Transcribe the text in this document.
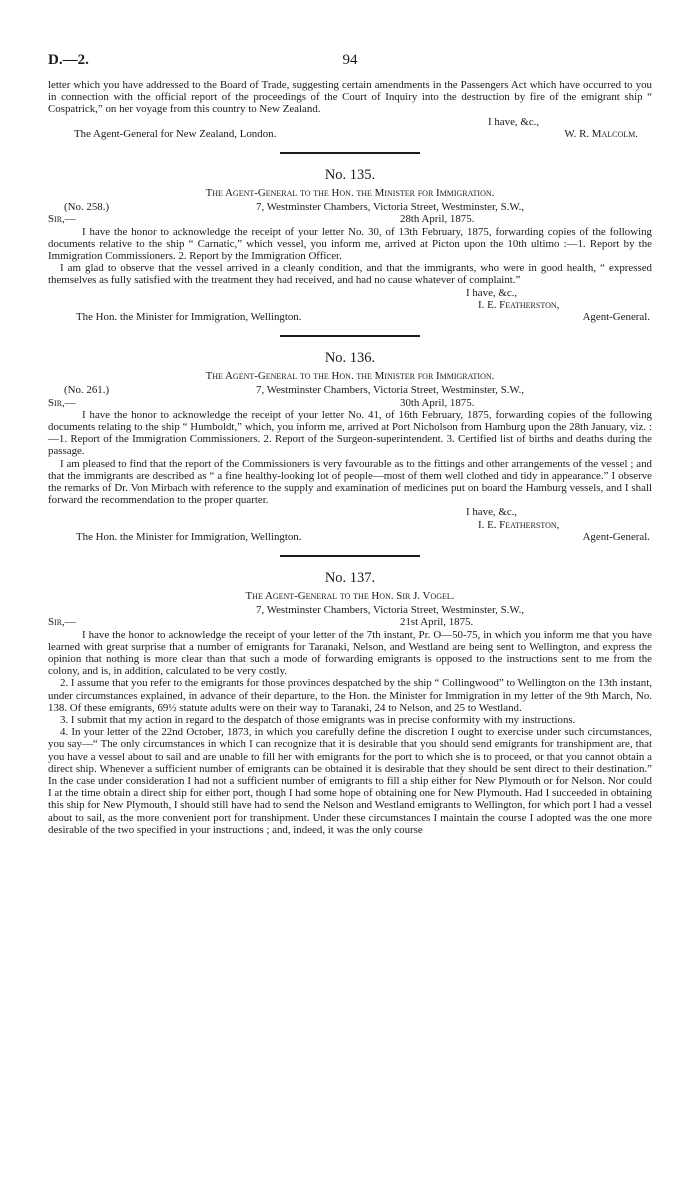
D.—2.	94

letter which you have addressed to the Board of Trade, suggesting certain amendments in the Passengers Act which have occurred to you in connection with the official report of the proceedings of the Court of Inquiry into the destruction by fire of the emigrant ship “ Cospatrick,” on her voyage from this country to New Zealand.

I have, &c.,
The Agent-General for New Zealand, London.	W. R. Malcolm.
No. 135.
The Agent-General to the Hon. the Minister for Immigration.
(No. 258.)	7, Westminster Chambers, Victoria Street, Westminster, S.W.,
Sir,—	28th April, 1875.

I have the honor to acknowledge the receipt of your letter No. 30, of 13th February, 1875, forwarding copies of the following documents relative to the ship “ Carnatic,” which vessel, you inform me, arrived at Picton upon the 10th ultimo :—1. Report by the Immigration Commissioners. 2. Report by the Immigration Officer.

I am glad to observe that the vessel arrived in a cleanly condition, and that the immigrants, who were in good health, “ expressed themselves as fully satisfied with the treatment they had received, and had no cause whatever of complaint.”

I have, &c.,
I. E. Featherston,
The Hon. the Minister for Immigration, Wellington.	Agent-General.
No. 136.
The Agent-General to the Hon. the Minister for Immigration.
(No. 261.)	7, Westminster Chambers, Victoria Street, Westminster, S.W.,
Sir,—	30th April, 1875.

I have the honor to acknowledge the receipt of your letter No. 41, of 16th February, 1875, forwarding copies of the following documents relating to the ship “ Humboldt,” which, you inform me, arrived at Port Nicholson from Hamburg upon the 28th January, viz. :—1. Report of the Immigration Commissioners. 2. Report of the Surgeon-superintendent. 3. Certified list of births and deaths during the passage.

I am pleased to find that the report of the Commissioners is very favourable as to the fittings and other arrangements of the vessel ; and that the immigrants are described as “ a fine healthy-looking lot of people—most of them well clothed and tidy in appearance.” I observe the remarks of Dr. Von Mirbach with reference to the supply and examination of medicines put on board the Hamburg vessels, and I shall forward the recommendation to the proper quarter.

I have, &c.,
I. E. Featherston,
The Hon. the Minister for Immigration, Wellington.	Agent-General.
No. 137.
The Agent-General to the Hon. Sir J. Vogel.
7, Westminster Chambers, Victoria Street, Westminster, S.W.,
Sir,—	21st April, 1875.

I have the honor to acknowledge the receipt of your letter of the 7th instant, Pr. O—50-75, in which you inform me that you have learned with great surprise that a number of emigrants for Taranaki, Nelson, and Westland are being sent to Wellington, and express the opinion that nothing is more clear than that such a mode of forwarding emigrants is opposed to the instructions sent to me from the colony, and is, in addition, calculated to be very costly.

2. I assume that you refer to the emigrants for those provinces despatched by the ship “ Collingwood” to Wellington on the 13th instant, under circumstances explained, in advance of their departure, to the Hon. the Minister for Immigration in my letter of the 9th March, No. 138. Of these emigrants, 69½ statute adults were on their way to Taranaki, 24 to Nelson, and 25 to Westland.

3. I submit that my action in regard to the despatch of those emigrants was in precise conformity with my instructions.

4. In your letter of the 22nd October, 1873, in which you carefully define the discretion I ought to exercise under such circumstances, you say—“ The only circumstances in which I can recognize that it is desirable that you should send emigrants for transhipment are, that you have a vessel about to sail and are unable to fill her with emigrants for the port to which she is to proceed, or that you cannot obtain a direct ship. Whenever a sufficient number of emigrants can be obtained it is desirable that they should be sent direct to their destination.” In the case under consideration I had not a sufficient number of emigrants to fill a ship either for New Plymouth or for Nelson. Nor could I at the time obtain a direct ship for either port, though I had some hope of obtaining one for New Plymouth. Had I succeeded in obtaining this ship for New Plymouth, I should still have had to send the Nelson and Westland emigrants to Wellington, for which port I had a vessel about to sail, as the more convenient port for transhipment. Under these circumstances I maintain the course I adopted was the one more desirable of the two specified in your instructions ; and, indeed, it was the only course
